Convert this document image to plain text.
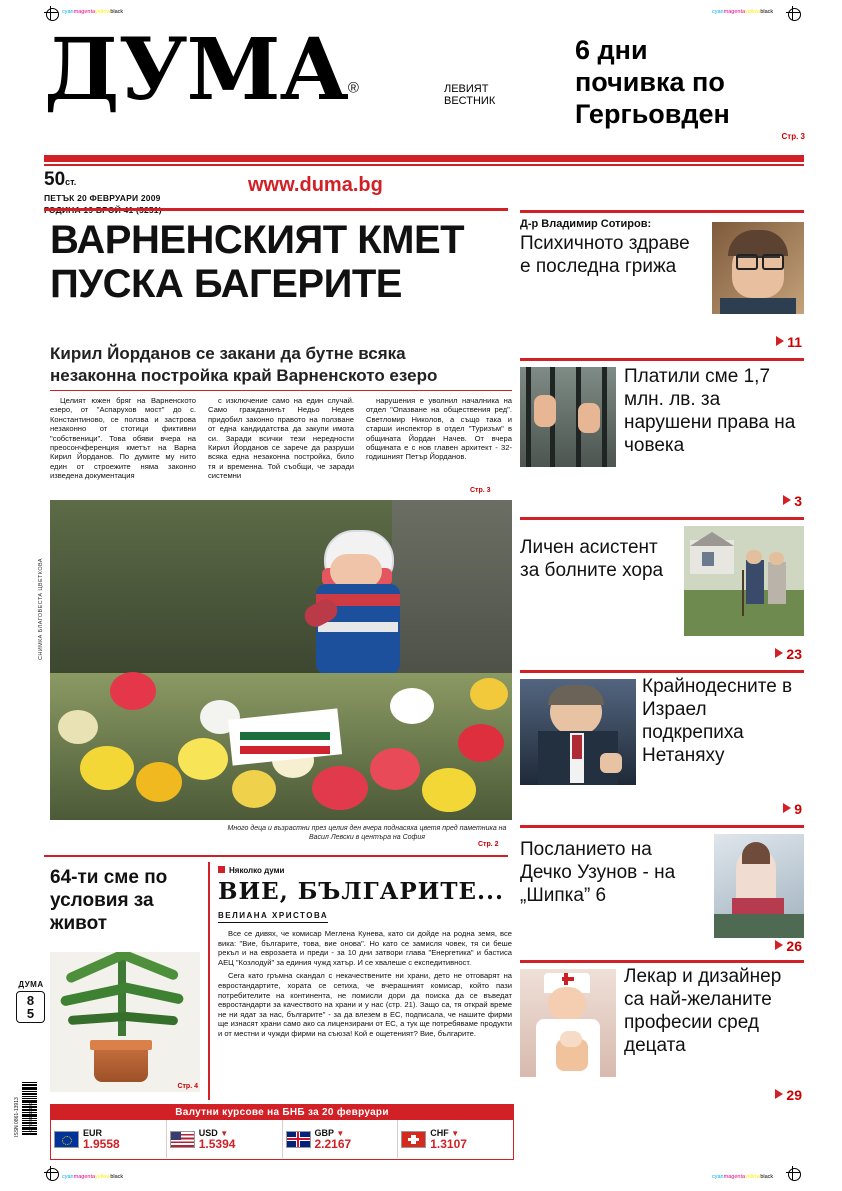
cyanmagentayellowblack	cyanmagentayellowblack
cyanmagentayellowblack	cyanmagentayellowblack
ДУМА®	ЛЕВИЯТ
ВЕСТНИК
6 дни
почивка по
Гергьовден
Стр. 3
50ст.
ПЕТЪК 20 ФЕВРУАРИ 2009
www.duma.bg
ВАРНЕНСКИЯТ КМЕТ
ПУСКА БАГЕРИТЕ
Кирил Йорданов се закани да бутне всяка
незаконна постройка край Варненското езеро

Целият южен бряг на Варненското езеро, от "Аспарухов мост" до с. Константиново, се ползва и застрова незаконно от стотици фиктивни "собственици". Това обяви вчера на преосончференция кметът на Варна Кирил Йорданов. По думите му нито един от строежите няма законно изведена документация

с изключение само на един случай. Само гражданинът Недьо Недев придобил законно правото на ползване от една кандидатства да закупи имота си. Заради всички тези нередности Кирил Йорданов се зарече да разруши всяка една незаконна постройка, било тя и временна. Той съобщи, че заради системни

нарушения е уволнил началника на отдел "Опазване на обществения ред". Светломир Николов, а също така и старши инспектор в отдел "Туризъм" в общината Йордан Начев. От вчера общината е с нов главен архитект - 32-годишният Петър Йорданов.

Стр. 3
СНИМКА БЛАГОВЕСТА ЦВЕТКОВА
Много деца и възрастни през целия ден вчера поднасяха цветя пред паметника на Васил Левски в центъра на София
Стр. 2
64-ти сме по условия за живот
Стр. 4
ДУМА
8
5
ISSN 0861-13913 9 770861 134004
Няколко думи
ВИЕ, БЪЛГАРИТЕ...
ВЕЛИАНА ХРИСТОВА

Все се дивях, че комисар Меглена Кунева, като си дойде на родна земя, все вика: "Вие, българите, това, вие онова". Но като се замисля човек, тя си беше рекъл и на еврозаета и преди - за 10 дни затвори глава "Енергетика" и бастиса АЕЦ "Козлодуй" за единия чужд хатър. И се хвалеше с експедитивност.

Сега като гръмна скандал с некачествените ни храни, дето не отговарят на евростандартите, хората се сетиха, че вчерашният комисар, който пази потребителите на континента, не помисли дори да поиска да се въведат евростандарти за качеството на храни и у нас (стр. 21). Защо са, тя открай време не ни ядат за нас, българите" - за да влезем в ЕС, подписала, че нашите фирми ще изнасят храни само ако са лицензирани от ЕС, а тук ще потребяваме продукти и от местни и чужди фирми на съюза! Кой е ощетеният? Вие, българите.

Валутни курсове на БНБ за 20 февруари
EUR
1.9558
USD ▼
1.5394
GBP ▼
2.2167
CHF ▼
1.3107
Д-р Владимир Сотиров:
Психичното здраве е последна грижа
11
Платили сме 1,7 млн. лв. за нарушени права на човека
3
Личен асистент за болните хора
23
Крайнодесните в Израел подкрепиха Нетаняху
9
Посланието на Дечко Узунов - на „Шипка” 6
26
Лекар и дизайнер са най-желаните професии сред децата
29
